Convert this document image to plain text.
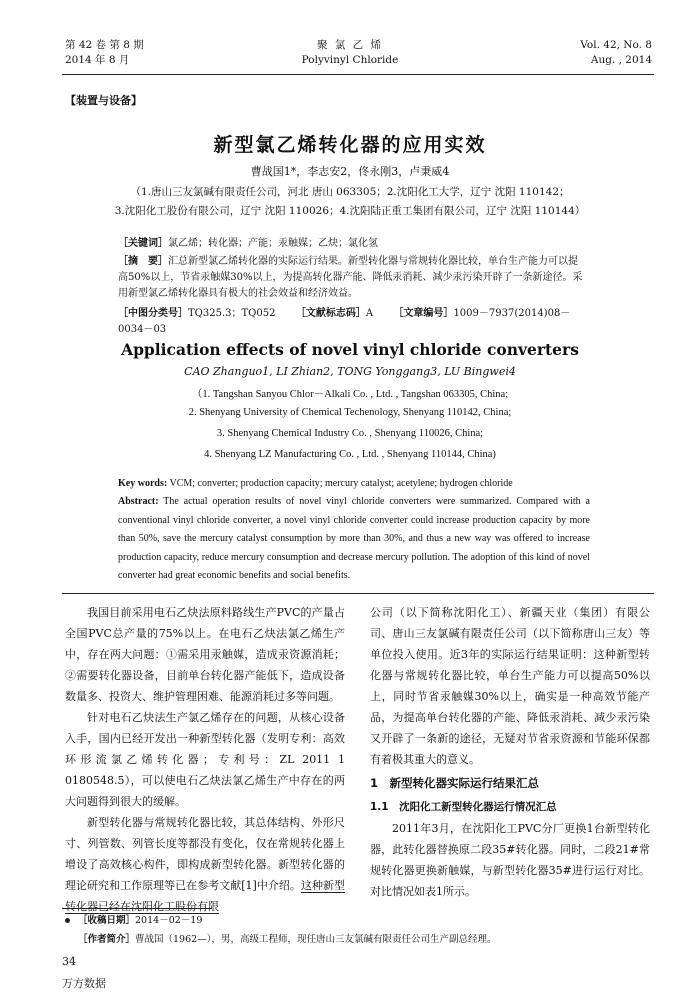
第 42 卷 第 8 期
2014 年 8 月
聚 氯 乙 烯
Polyvinyl Chloride
Vol. 42, No. 8
Aug. , 2014
【装置与设备】
新型氯乙烯转化器的应用实效
曹战国1*，李志安2，佟永刚3，卢秉威4
（1.唐山三友氯碱有限责任公司，河北 唐山 063305；2.沈阳化工大学，辽宁 沈阳 110142；
3.沈阳化工股份有限公司，辽宁 沈阳 110026；4.沈阳陆正重工集团有限公司，辽宁 沈阳 110144）
［关键词］氯乙烯；转化器；产能；汞触媒；乙炔；氯化氢
［摘　要］汇总新型氯乙烯转化器的实际运行结果。新型转化器与常规转化器比较，单台生产能力可以提高50%以上，节省汞触媒30%以上，为提高转化器产能、降低汞消耗、减少汞污染开辟了一条新途径。采用新型氯乙烯转化器具有极大的社会效益和经济效益。
［中图分类号］TQ325.3；TQ052 ［文献标志码］A ［文章编号］1009－7937(2014)08－0034－03
Application effects of novel vinyl chloride converters
CAO Zhanguo1, LI Zhian2, TONG Yonggang3, LU Bingwei4
（1. Tangshan Sanyou Chlor－Alkali Co. , Ltd. , Tangshan 063305, China;
2. Shenyang University of Chemical Techenology, Shenyang 110142, China;
3. Shenyang Chemical Industry Co. , Shenyang 110026, China;
4. Shenyang LZ Manufacturing Co. , Ltd. , Shenyang 110144, China)
Key words: VCM; converter; production capacity; mercury catalyst; acetylene; hydrogen chloride
Abstract: The actual operation results of novel vinyl chloride converters were summarized. Compared with a conventional vinyl chloride converter, a novel vinyl chloride converter could increase production capacity by more than 50%, save the mercury catalyst consumption by more than 30%, and thus a new way was offered to increase production capacity, reduce mercury consumption and decrease mercury pollution. The adoption of this kind of novel converter had great economic benefits and social benefits.

我国目前采用电石乙炔法原料路线生产PVC的产量占全国PVC总产量的75%以上。在电石乙炔法氯乙烯生产中，存在两大问题：①需采用汞触媒，造成汞资源消耗；②需要转化器设备，目前单台转化器产能低下，造成设备数量多、投资大、维护管理困难、能源消耗过多等问题。

针对电石乙炔法生产氯乙烯存在的问题，从核心设备入手，国内已经开发出一种新型转化器（发明专利：高效环形流氯乙烯转化器；专利号：ZL 2011 1 0180548.5），可以使电石乙炔法氯乙烯生产中存在的两大问题得到很大的缓解。

新型转化器与常规转化器比较，其总体结构、外形尺寸、列管数、列管长度等都没有变化，仅在常规转化器上增设了高效核心构件，即构成新型转化器。新型转化器的理论研究和工作原理等已在参考文献[1]中介绍。这种新型转化器已经在沈阳化工股份有限

公司（以下简称沈阳化工）、新疆天业（集团）有限公司、唐山三友氯碱有限责任公司（以下简称唐山三友）等单位投入使用。近3年的实际运行结果证明：这种新型转化器与常规转化器比较，单台生产能力可以提高50%以上，同时节省汞触媒30%以上，确实是一种高效节能产品，为提高单台转化器的产能、降低汞消耗、减少汞污染又开辟了一条新的途径，无疑对节省汞资源和节能环保都有着极其重大的意义。

1　新型转化器实际运行结果汇总

1.1　沈阳化工新型转化器运行情况汇总

2011年3月，在沈阳化工PVC分厂更换1台新型转化器，此转化器替换原二段35#转化器。同时，二段21#常规转化器更换新触媒，与新型转化器35#进行运行对比。对比情况如表1所示。

［收稿日期］2014－02－19
［作者简介］曹战国（1962—），男，高级工程师，现任唐山三友氯碱有限责任公司生产副总经理。
34
万方数据
